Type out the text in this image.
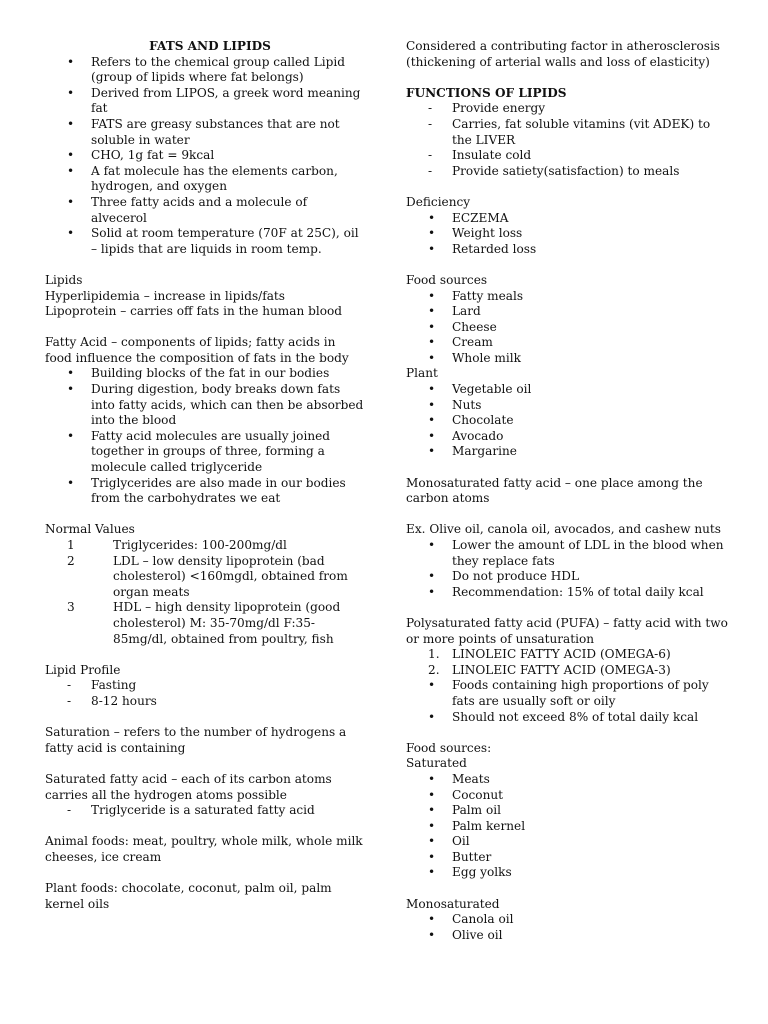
FATS AND LIPIDS

• Refers to the chemical group called Lipid (group of lipids where fat belongs)
• Derived from LIPOS, a greek word meaning fat
• FATS are greasy substances that are not soluble in water
• CHO, 1g fat = 9kcal
• A fat molecule has the elements carbon, hydrogen, and oxygen
• Three fatty acids and a molecule of alvecerol
• Solid at room temperature (70F at 25C), oil – lipids that are liquids in room temp.

Lipids

Hyperlipidemia – increase in lipids/fats

Lipoprotein – carries off fats in the human blood

Fatty Acid – components of lipids; fatty acids in food influence the composition of fats in the body

• Building blocks of the fat in our bodies
• During digestion, body breaks down fats into fatty acids, which can then be absorbed into the blood
• Fatty acid molecules are usually joined together in groups of three, forming a molecule called triglyceride
• Triglycerides are also made in our bodies from the carbohydrates we eat

Normal Values

1	Triglycerides: 100-200mg/dl
2	LDL – low density lipoprotein (bad cholesterol) <160mgdl, obtained from organ meats
3	HDL – high density lipoprotein (good cholesterol) M: 35-70mg/dl F:35-85mg/dl, obtained from poultry, fish

Lipid Profile

- Fasting
- 8-12 hours

Saturation – refers to the number of hydrogens a fatty acid is containing

Saturated fatty acid – each of its carbon atoms carries all the hydrogen atoms possible

- Triglyceride is a saturated fatty acid

Animal foods: meat, poultry, whole milk, whole milk cheeses, ice cream

Plant foods: chocolate, coconut, palm oil, palm kernel oils

Considered a contributing factor in atherosclerosis (thickening of arterial walls and loss of elasticity)

FUNCTIONS OF LIPIDS

- Provide energy
- Carries, fat soluble vitamins (vit ADEK) to the LIVER
- Insulate cold
- Provide satiety(satisfaction) to meals

Deficiency

• ECZEMA
• Weight loss
• Retarded loss

Food sources

• Fatty meals
• Lard
• Cheese
• Cream
• Whole milk

Plant

• Vegetable oil
• Nuts
• Chocolate
• Avocado
• Margarine

Monosaturated fatty acid – one place among the carbon atoms

Ex. Olive oil, canola oil, avocados, and cashew nuts

• Lower the amount of LDL in the blood when they replace fats
• Do not produce HDL
• Recommendation: 15% of total daily kcal

Polysaturated fatty acid (PUFA) – fatty acid with two or more points of unsaturation

1. LINOLEIC FATTY ACID (OMEGA-6)
2. LINOLEIC FATTY ACID (OMEGA-3)
• Foods containing high proportions of poly fats are usually soft or oily
• Should not exceed 8% of total daily kcal

Food sources:

Saturated

• Meats
• Coconut
• Palm oil
• Palm kernel
• Oil
• Butter
• Egg yolks

Monosaturated

• Canola oil
• Olive oil
